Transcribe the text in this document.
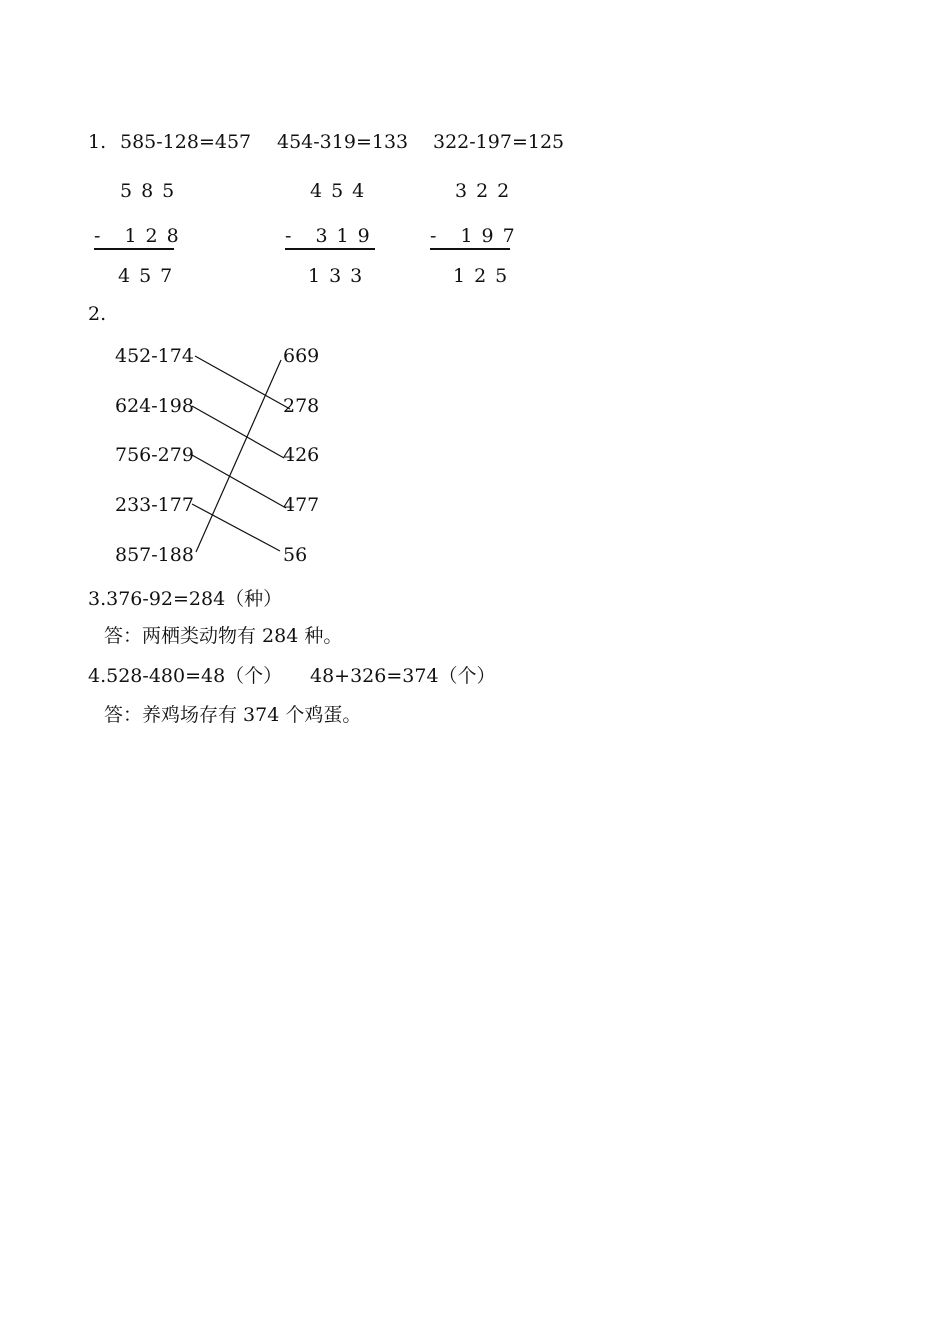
1. 585-128=457 454-319=133 322-197=125
585
- 128
457
454
- 319
133
322
- 197
125
2.
452-174
624-198
756-279
233-177
857-188
669
278
426
477
56
3.376-92=284（种）
答：两栖类动物有 284 种。
4.528-480=48（个） 48+326=374（个）
答：养鸡场存有 374 个鸡蛋。
